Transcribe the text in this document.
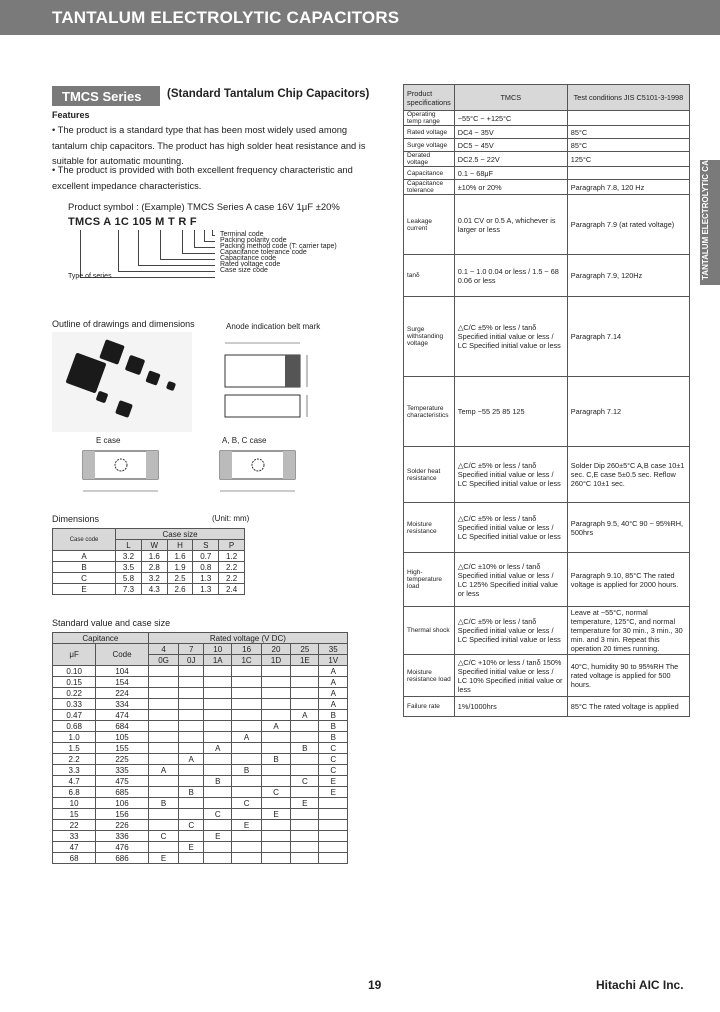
TANTALUM ELECTROLYTIC CAPACITORS
TANTALUM ELECTROLYTIC CAPACITORS
TMCS Series	(Standard Tantalum Chip Capacitors)
Features
• The product is a standard type that has been most widely used among tantalum chip capacitors. The product has high solder heat resistance and is suitable for automatic mounting.
• The product is provided with both excellent frequency characteristic and excellent impedance characteristics.
Product symbol : (Example) TMCS Series A case 16V 1μF ±20%
TMCS A 1C 105 M T R F
Terminal code
Packing polarity code
Packing method code (T: carrier tape)
Capacitance tolerance code
Capacitance code
Rated voltage code
Case size code
Type of series
Outline of drawings and dimensions	Anode indication belt mark
E case	A, B, C case
Dimensions	(Unit: mm)
Case code	Case size				
	L	W	H	S	P
A	3.2	1.6	1.6	0.7	1.2
B	3.5	2.8	1.9	0.8	2.2
C	5.8	3.2	2.5	1.3	2.2
E	7.3	4.3	2.6	1.3	2.4
Standard value and case size
Capitance		Rated voltage (V DC)						
μF	Code	4	7	10	16	20	25	35
		0G	0J	1A	1C	1D	1E	1V
0.10	104							A
0.15	154							A
0.22	224							A
0.33	334							A
0.47	474						A	B
0.68	684					A		B
1.0	105				A			B
1.5	155			A			B	C
2.2	225		A			B		C
3.3	335	A			B			C
4.7	475			B			C	E
6.8	685		B			C		E
10	106	B			C		E	
15	156			C		E		
22	226		C		E			
33	336	C		E				
47	476		E					
68	686	E						
Product specifications	TMCS	Test conditions JIS C5101-3-1998
Operating temp range	−55°C ~ +125°C	
Rated voltage	DC4 ~ 35V	85°C
Surge voltage	DC5 ~ 45V	85°C
Derated voltage	DC2.5 ~ 22V	125°C
Capacitance	0.1 ~ 68μF	
Capacitance tolerance	±10% or 20%	Paragraph 7.8, 120 Hz
Leakage current	0.01 CV or 0.5 A, whichever is larger or less	Paragraph 7.9 (at rated voltage)
tanδ	0.1 ~ 1.0 0.04 or less / 1.5 ~ 68 0.06 or less	Paragraph 7.9, 120Hz
Surge withstanding voltage	△C/C ±5% or less / tanδ Specified initial value or less / LC Specified initial value or less	Paragraph 7.14
Temperature characteristics	Temp −55 25 85 125	Paragraph 7.12
Solder heat resistance	△C/C ±5% or less / tanδ Specified initial value or less / LC Specified initial value or less	Solder Dip 260±5°C A,B case 10±1 sec. C,E case 5±0.5 sec. Reflow 260°C 10±1 sec.
Moisture resistance	△C/C ±5% or less / tanδ Specified initial value or less / LC Specified initial value or less	Paragraph 9.5, 40°C 90 ~ 95%RH, 500hrs
High-temperature load	△C/C ±10% or less / tanδ Specified initial value or less / LC 125% Specified initial value or less	Paragraph 9.10, 85°C The rated voltage is applied for 2000 hours.
Thermal shock	△C/C ±5% or less / tanδ Specified initial value or less / LC Specified initial value or less	Leave at −55°C, normal temperature, 125°C, and normal temperature for 30 min., 3 min., 30 min. and 3 min. Repeat this operation 20 times running.
Moisture resistance load	△C/C +10% or less / tanδ 150% Specified initial value or less / LC 10% Specified initial value or less	40°C, humidity 90 to 95%RH The rated voltage is applied for 500 hours.
Failure rate	1%/1000hrs	85°C The rated voltage is applied
19	Hitachi AIC Inc.
